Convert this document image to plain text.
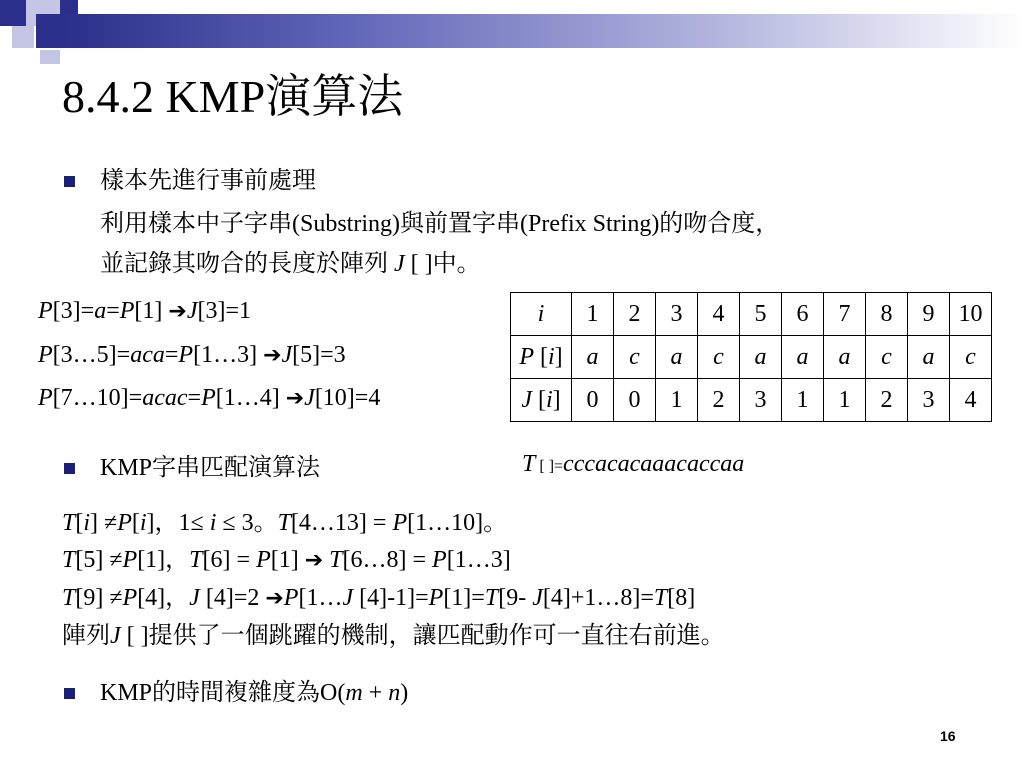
8.4.2 KMP演算法
樣本先進行事前處理
利用樣本中子字串(Substring)與前置字串(Prefix String)的吻合度，
並記錄其吻合的長度於陣列 J [ ]中。
P[3]=a=P[1] ➔J[3]=1
P[3…5]=aca=P[1…3] ➔J[5]=3
P[7…10]=acac=P[1…4] ➔J[10]=4
i	1	2	3	4	5	6	7	8	9	10
P [i]	a	c	a	c	a	a	a	c	a	c
J [i]	0	0	1	2	3	1	1	2	3	4
T [ ]=cccacacaaacaccaa
KMP字串匹配演算法
T[i] ≠P[i]，1≤ i ≤ 3。T[4…13] = P[1…10]。
T[5] ≠P[1]，T[6] = P[1] ➔ T[6…8] = P[1…3]
T[9] ≠P[4]，J [4]=2 ➔P[1…J [4]-1]=P[1]=T[9- J[4]+1…8]=T[8]
陣列J [ ]提供了一個跳躍的機制，讓匹配動作可一直往右前進。
KMP的時間複雜度為O(m + n)
16
